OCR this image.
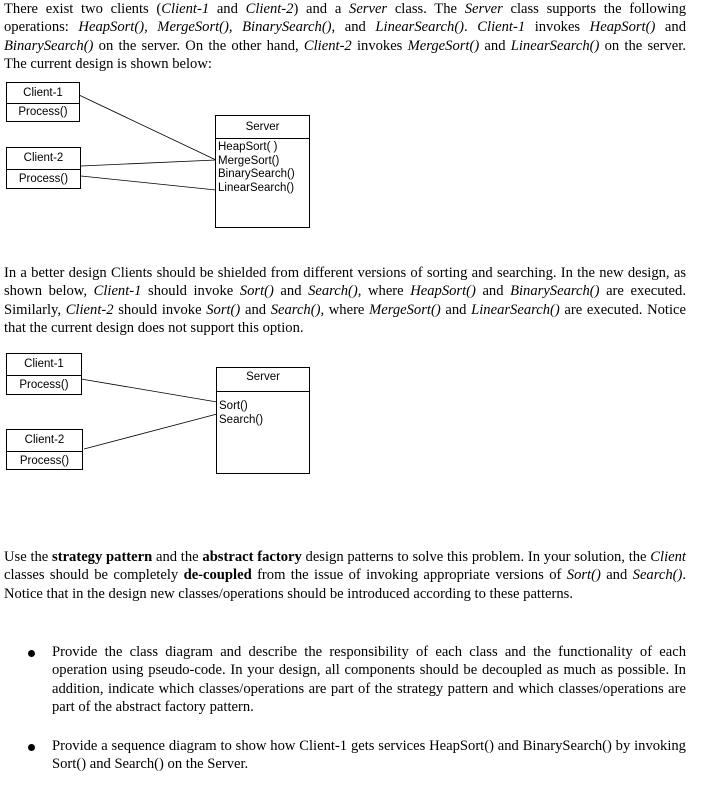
There exist two clients (Client-1 and Client-2) and a Server class. The Server class supports the following operations: HeapSort(), MergeSort(), BinarySearch(), and LinearSearch(). Client-1 invokes HeapSort() and BinarySearch() on the server. On the other hand, Client-2 invokes MergeSort() and LinearSearch() on the server. The current design is shown below:

Client-1
Process()
Client-2
Process()
Server
HeapSort( )
MergeSort()
BinarySearch()
LinearSearch()

In a better design Clients should be shielded from different versions of sorting and searching. In the new design, as shown below, Client-1 should invoke Sort() and Search(), where HeapSort() and BinarySearch() are executed. Similarly, Client-2 should invoke Sort() and Search(), where MergeSort() and LinearSearch() are executed. Notice that the current design does not support this option.

Client-1
Process()
Client-2
Process()
Server
Sort()
Search()

Use the strategy pattern and the abstract factory design patterns to solve this problem. In your solution, the Client classes should be completely de-coupled from the issue of invoking appropriate versions of Sort() and Search(). Notice that in the design new classes/operations should be introduced according to these patterns.

Provide the class diagram and describe the responsibility of each class and the functionality of each operation using pseudo-code. In your design, all components should be decoupled as much as possible. In addition, indicate which classes/operations are part of the strategy pattern and which classes/operations are part of the abstract factory pattern.

Provide a sequence diagram to show how Client-1 gets services HeapSort() and BinarySearch() by invoking Sort() and Search() on the Server.
